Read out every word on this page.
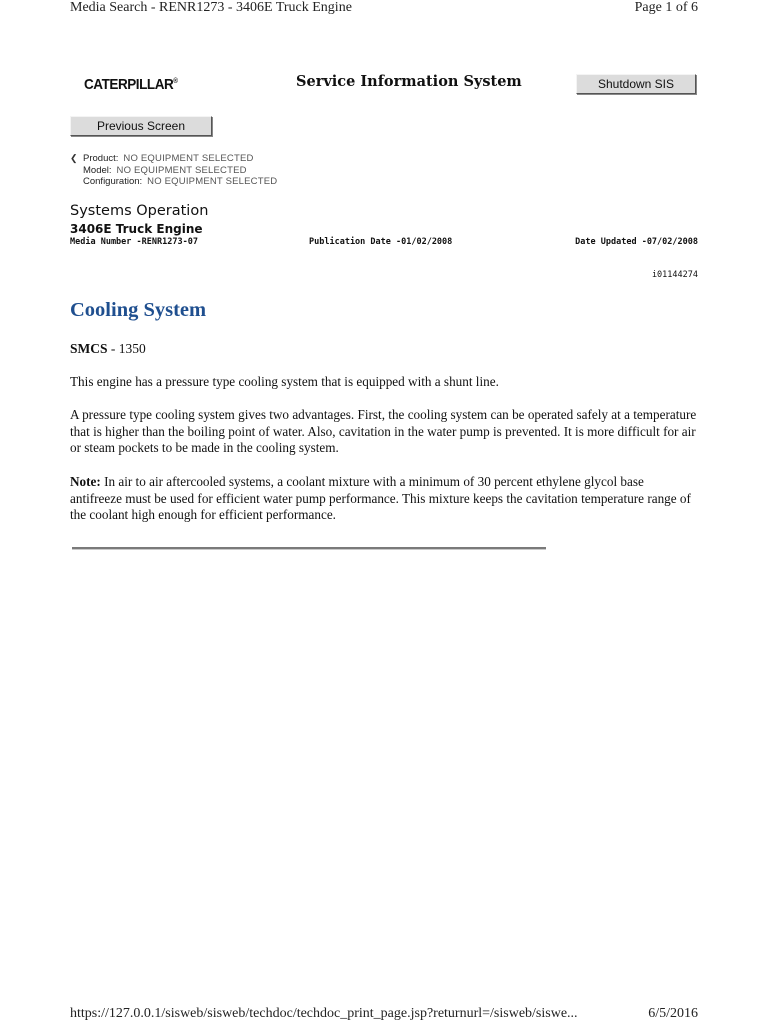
Media Search - RENR1273 - 3406E Truck Engine	Page 1 of 6
CATERPILLAR®	Service Information System	Shutdown SIS
Previous Screen
❮ Product: NO EQUIPMENT SELECTED
Model: NO EQUIPMENT SELECTED
Configuration: NO EQUIPMENT SELECTED
Systems Operation
3406E Truck Engine
Media Number -RENR1273-07	Publication Date -01/02/2008	Date Updated -07/02/2008
i01144274
Cooling System
SMCS - 1350
This engine has a pressure type cooling system that is equipped with a shunt line.
A pressure type cooling system gives two advantages. First, the cooling system can be operated safely at a temperature that is higher than the boiling point of water. Also, cavitation in the water pump is prevented. It is more difficult for air or steam pockets to be made in the cooling system.
Note: In air to air aftercooled systems, a coolant mixture with a minimum of 30 percent ethylene glycol base antifreeze must be used for efficient water pump performance. This mixture keeps the cavitation temperature range of the coolant high enough for efficient performance.
https://127.0.0.1/sisweb/sisweb/techdoc/techdoc_print_page.jsp?returnurl=/sisweb/siswe...	6/5/2016
